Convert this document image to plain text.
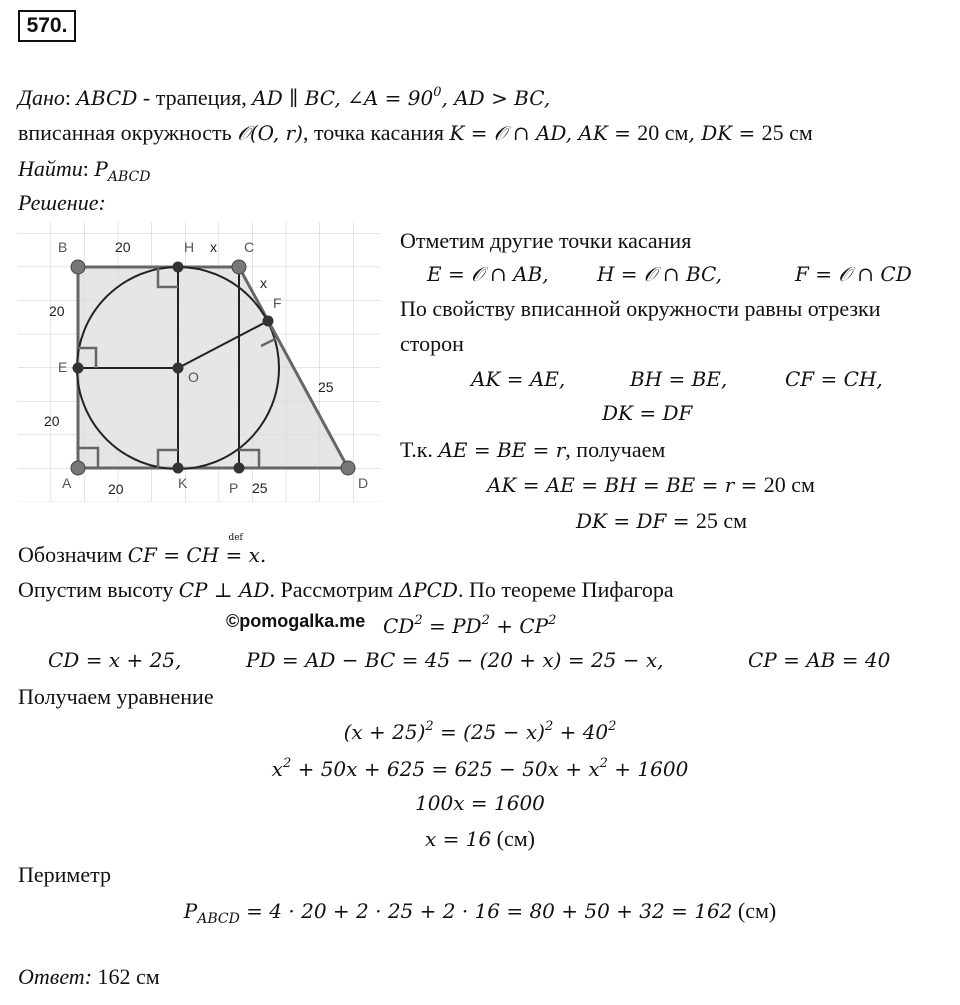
570.
Дано: ABCD - трапеция, AD ∥ BC, ∠A = $90^0$, AD > BC,
вписанная окружность 𝒪(O, r), точка касания K = 𝒪 ∩ AD, AK = 20 см, DK = 25 см
Найти: $P_{ABCD}$
Решение:
B	H	C
F
E
O
A	K	P	D
20	x
x
20
20
20	25
25
Отметим другие точки касания
E = 𝒪 ∩ AB, H = 𝒪 ∩ BC,	F = 𝒪 ∩ CD
По свойству вписанной окружности равны отрезки
сторон
AK = AE,	BH = BE,	CF = CH,
DK = DF
Т.к. AE = BE = r, получаем
AK = AE = BH = BE = r = 20 см
DK = DF = 25 см
Обозначим CF = CH
def
= x.
Опустим высоту CP ⊥ AD. Рассмотрим ΔPCD. По теореме Пифагора
©pomogalka.me $CD^2 = PD^2 + CP^2$
CD = x + 25,	PD = AD − BC = 45 − (20 + x) = 25 − x,	CP = AB = 40
Получаем уравнение
$(x + 25)^2 = (25 - x)^2 + 40^2$
$x^2 + 50x + 625 = 625 - 50x + x^2 + 1600$
100x = 1600
x = 16 (см)
Периметр
$P_{ABCD} = 4 \cdot 20 + 2 \cdot 25 + 2 \cdot 16 = 80 + 50 + 32 = 162$ (см)
Ответ: 162 см
